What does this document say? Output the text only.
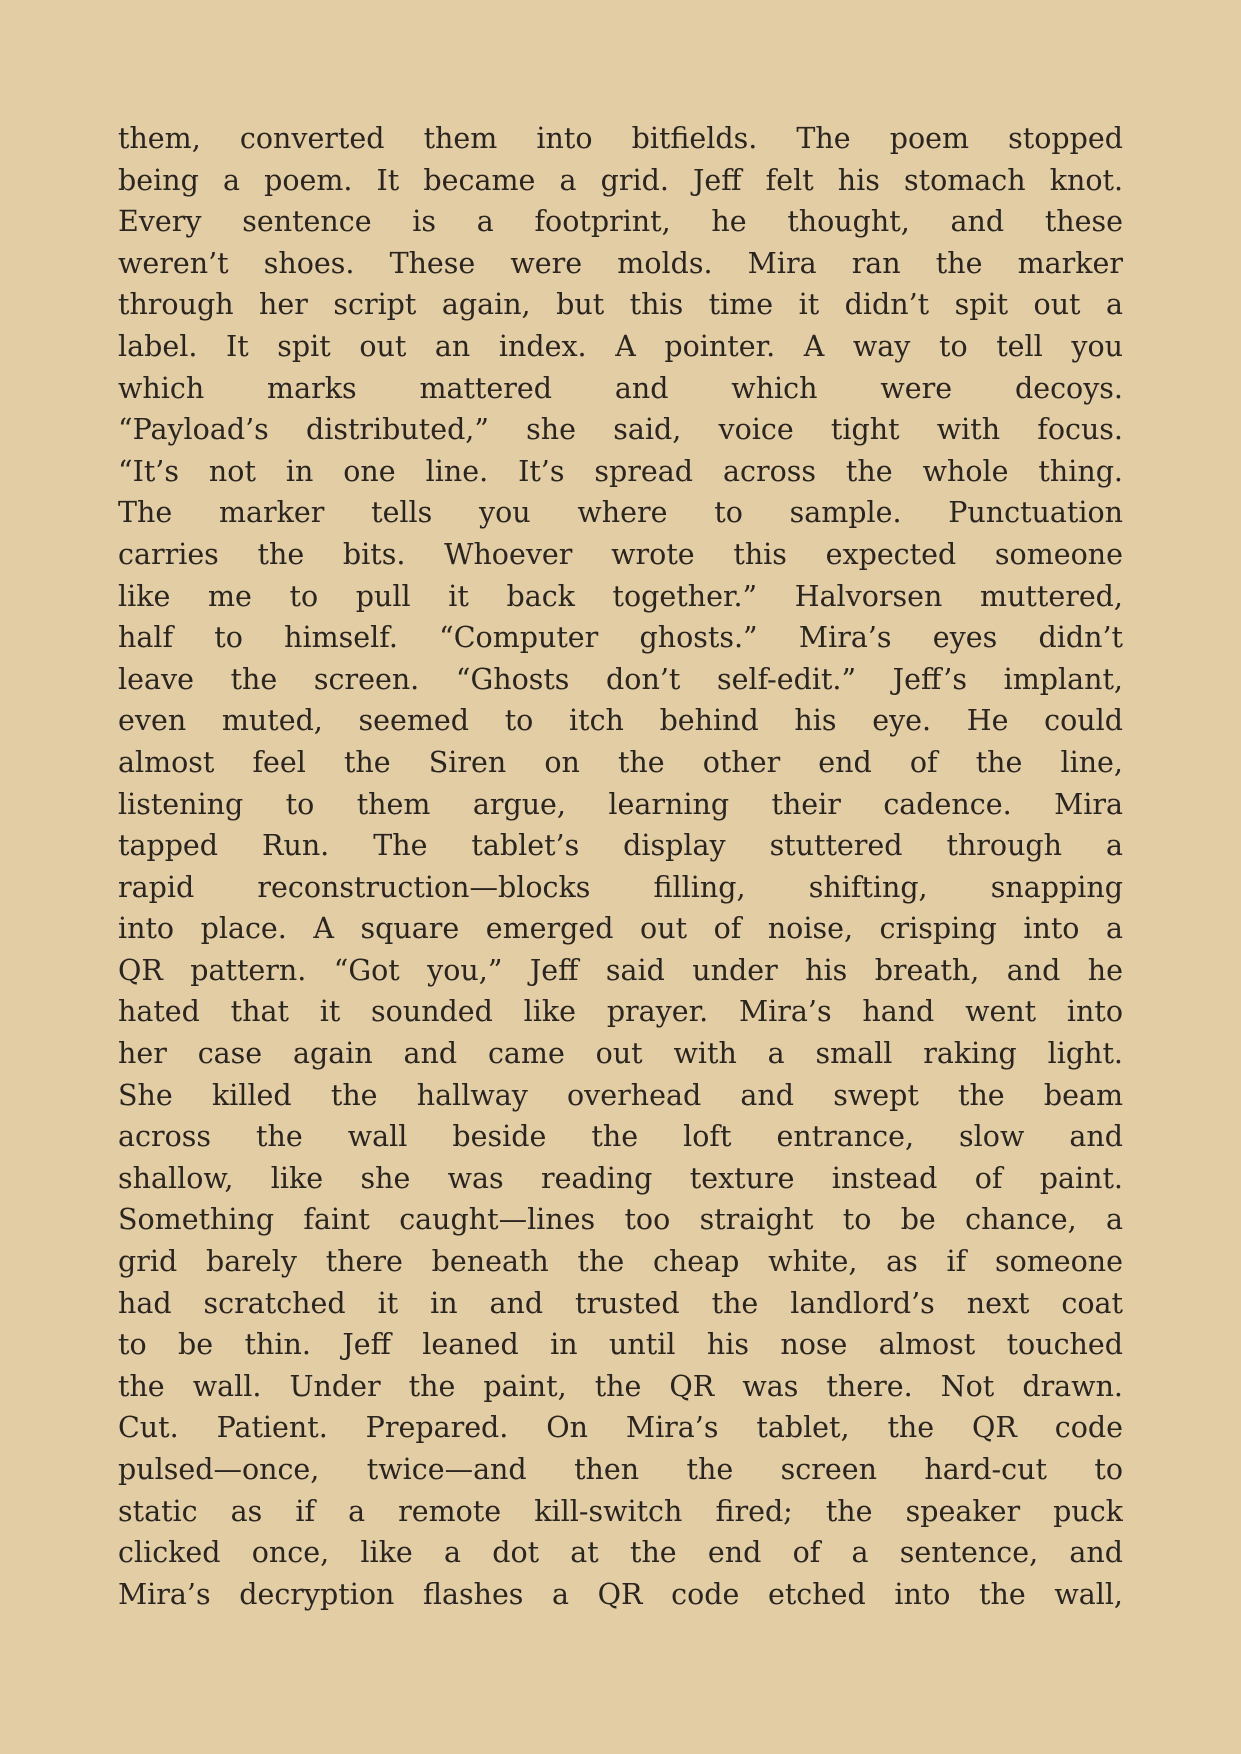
them, converted them into bitfields. The poem stopped
being a poem. It became a grid. Jeff felt his stomach knot.
Every sentence is a footprint, he thought, and these
weren’t shoes. These were molds. Mira ran the marker
through her script again, but this time it didn’t spit out a
label. It spit out an index. A pointer. A way to tell you
which marks mattered and which were decoys.
“Payload’s distributed,” she said, voice tight with focus.
“It’s not in one line. It’s spread across the whole thing.
The marker tells you where to sample. Punctuation
carries the bits. Whoever wrote this expected someone
like me to pull it back together.” Halvorsen muttered,
half to himself. “Computer ghosts.” Mira’s eyes didn’t
leave the screen. “Ghosts don’t self-edit.” Jeff’s implant,
even muted, seemed to itch behind his eye. He could
almost feel the Siren on the other end of the line,
listening to them argue, learning their cadence. Mira
tapped Run. The tablet’s display stuttered through a
rapid reconstruction—blocks filling, shifting, snapping
into place. A square emerged out of noise, crisping into a
QR pattern. “Got you,” Jeff said under his breath, and he
hated that it sounded like prayer. Mira’s hand went into
her case again and came out with a small raking light.
She killed the hallway overhead and swept the beam
across the wall beside the loft entrance, slow and
shallow, like she was reading texture instead of paint.
Something faint caught—lines too straight to be chance, a
grid barely there beneath the cheap white, as if someone
had scratched it in and trusted the landlord’s next coat
to be thin. Jeff leaned in until his nose almost touched
the wall. Under the paint, the QR was there. Not drawn.
Cut. Patient. Prepared. On Mira’s tablet, the QR code
pulsed—once, twice—and then the screen hard-cut to
static as if a remote kill-switch fired; the speaker puck
clicked once, like a dot at the end of a sentence, and
Mira’s decryption flashes a QR code etched into the wall,
